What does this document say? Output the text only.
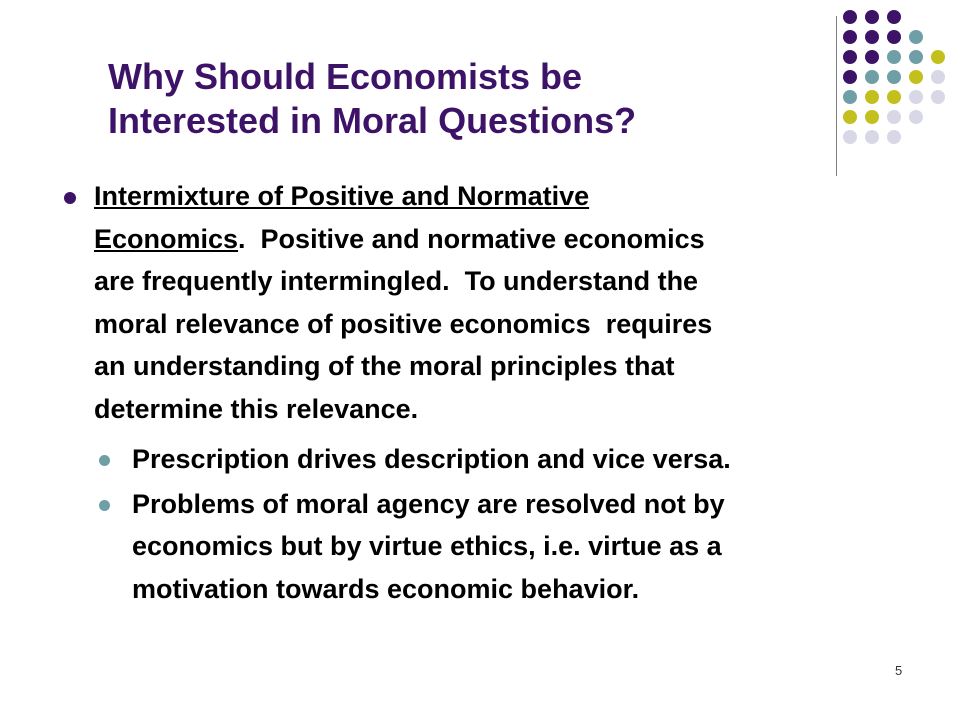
Why Should Economists be
Interested in Moral Questions?
Intermixture of Positive and Normative
Economics.  Positive and normative economics
are frequently intermingled.  To understand the
moral relevance of positive economics  requires
an understanding of the moral principles that
determine this relevance.
Prescription drives description and vice versa.
Problems of moral agency are resolved not by
economics but by virtue ethics, i.e. virtue as a
motivation towards economic behavior.
5
